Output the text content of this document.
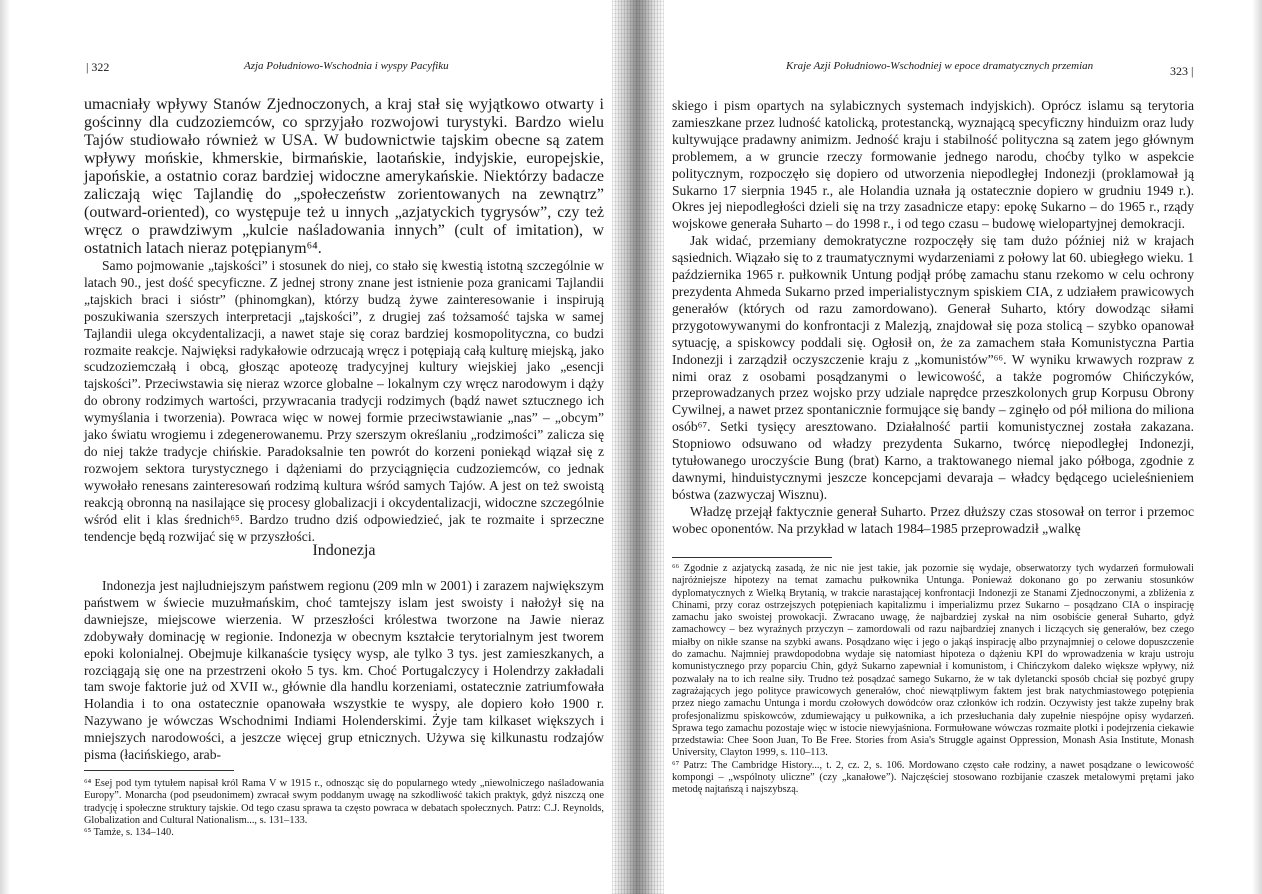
| 322	Azja Południowo-Wschodnia i wyspy Pacyfiku

umacniały wpływy Stanów Zjednoczonych, a kraj stał się wyjątkowo otwarty i gościnny dla cudzoziemców, co sprzyjało rozwojowi turystyki. Bardzo wielu Tajów studiowało również w USA. W budownictwie tajskim obecne są zatem wpływy mońskie, khmerskie, birmańskie, laotańskie, indyjskie, europejskie, japońskie, a ostatnio coraz bardziej widoczne amerykańskie. Niektórzy badacze zaliczają więc Tajlandię do „społeczeństw zorientowanych na zewnątrz” (outward-oriented), co występuje też u innych „azjatyckich tygrysów”, czy też wręcz o prawdziwym „kulcie naśladowania innych” (cult of imitation), w ostatnich latach nieraz potępianym⁶⁴.

Samo pojmowanie „tajskości” i stosunek do niej, co stało się kwestią istotną szczególnie w latach 90., jest dość specyficzne. Z jednej strony znane jest istnienie poza granicami Tajlandii „tajskich braci i sióstr” (phinomgkan), którzy budzą żywe zainteresowanie i inspirują poszukiwania szerszych interpretacji „tajskości”, z drugiej zaś tożsamość tajska w samej Tajlandii ulega okcydentalizacji, a nawet staje się coraz bardziej kosmopolityczna, co budzi rozmaite reakcje. Najwięksi radykałowie odrzucają wręcz i potępiają całą kulturę miejską, jako scudzoziemczałą i obcą, głosząc apoteozę tradycyjnej kultury wiejskiej jako „esencji tajskości”. Przeciwstawia się nieraz wzorce globalne – lokalnym czy wręcz narodowym i dąży do obrony rodzimych wartości, przywracania tradycji rodzimych (bądź nawet sztucznego ich wymyślania i tworzenia). Powraca więc w nowej formie przeciwstawianie „nas” – „obcym” jako światu wrogiemu i zdegenerowanemu. Przy szerszym określaniu „rodzimości” zalicza się do niej także tradycje chińskie. Paradoksalnie ten powrót do korzeni poniekąd wiązał się z rozwojem sektora turystycznego i dążeniami do przyciągnięcia cudzoziemców, co jednak wywołało renesans zainteresowań rodzimą kultura wśród samych Tajów. A jest on też swoistą reakcją obronną na nasilające się procesy globalizacji i okcydentalizacji, widoczne szczególnie wśród elit i klas średnich⁶⁵. Bardzo trudno dziś odpowiedzieć, jak te rozmaite i sprzeczne tendencje będą rozwijać się w przyszłości.

Indonezja

Indonezja jest najludniejszym państwem regionu (209 mln w 2001) i zarazem największym państwem w świecie muzułmańskim, choć tamtejszy islam jest swoisty i nałożył się na dawniejsze, miejscowe wierzenia. W przeszłości królestwa tworzone na Jawie nieraz zdobywały dominację w regionie. Indonezja w obecnym kształcie terytorialnym jest tworem epoki kolonialnej. Obejmuje kilkanaście tysięcy wysp, ale tylko 3 tys. jest zamieszkanych, a rozciągają się one na przestrzeni około 5 tys. km. Choć Portugalczycy i Holendrzy zakładali tam swoje faktorie już od XVII w., głównie dla handlu korzeniami, ostatecznie zatriumfowała Holandia i to ona ostatecznie opanowała wszystkie te wyspy, ale dopiero koło 1900 r. Nazywano je wówczas Wschodnimi Indiami Holenderskimi. Żyje tam kilkaset większych i mniejszych narodowości, a jeszcze więcej grup etnicznych. Używa się kilkunastu rodzajów pisma (łacińskiego, arab-

⁶⁴ Esej pod tym tytułem napisał król Rama V w 1915 r., odnosząc się do popularnego wtedy „niewolniczego naśladowania Europy”. Monarcha (pod pseudonimem) zwracał swym poddanym uwagę na szkodliwość takich praktyk, gdyż niszczą one tradycję i społeczne struktury tajskie. Od tego czasu sprawa ta często powraca w debatach społecznych. Patrz: C.J. Reynolds, Globalization and Cultural Nationalism..., s. 131–133.

⁶⁵ Tamże, s. 134–140.

Kraje Azji Południowo-Wschodniej w epoce dramatycznych przemian	323 |

skiego i pism opartych na sylabicznych systemach indyjskich). Oprócz islamu są terytoria zamieszkane przez ludność katolicką, protestancką, wyznającą specyficzny hinduizm oraz ludy kultywujące pradawny animizm. Jedność kraju i stabilność polityczna są zatem jego głównym problemem, a w gruncie rzeczy formowanie jednego narodu, choćby tylko w aspekcie politycznym, rozpoczęło się dopiero od utworzenia niepodległej Indonezji (proklamował ją Sukarno 17 sierpnia 1945 r., ale Holandia uznała ją ostatecznie dopiero w grudniu 1949 r.). Okres jej niepodległości dzieli się na trzy zasadnicze etapy: epokę Sukarno – do 1965 r., rządy wojskowe generała Suharto – do 1998 r., i od tego czasu – budowę wielopartyjnej demokracji.

Jak widać, przemiany demokratyczne rozpoczęły się tam dużo później niż w krajach sąsiednich. Wiązało się to z traumatycznymi wydarzeniami z połowy lat 60. ubiegłego wieku. 1 października 1965 r. pułkownik Untung podjął próbę zamachu stanu rzekomo w celu ochrony prezydenta Ahmeda Sukarno przed imperialistycznym spiskiem CIA, z udziałem prawicowych generałów (których od razu zamordowano). Generał Suharto, który dowodząc siłami przygotowywanymi do konfrontacji z Malezją, znajdował się poza stolicą – szybko opanował sytuację, a spiskowcy poddali się. Ogłosił on, że za zamachem stała Komunistyczna Partia Indonezji i zarządził oczyszczenie kraju z „komunistów”⁶⁶. W wyniku krwawych rozpraw z nimi oraz z osobami posądzanymi o lewicowość, a także pogromów Chińczyków, przeprowadzanych przez wojsko przy udziale naprędce przeszkolonych grup Korpusu Obrony Cywilnej, a nawet przez spontanicznie formujące się bandy – zginęło od pół miliona do miliona osób⁶⁷. Setki tysięcy aresztowano. Działalność partii komunistycznej została zakazana. Stopniowo odsuwano od władzy prezydenta Sukarno, twórcę niepodległej Indonezji, tytułowanego uroczyście Bung (brat) Karno, a traktowanego niemal jako półboga, zgodnie z dawnymi, hinduistycznymi jeszcze koncepcjami devaraja – władcy będącego ucieleśnieniem bóstwa (zazwyczaj Wisznu).

Władzę przejął faktycznie generał Suharto. Przez dłuższy czas stosował on terror i przemoc wobec oponentów. Na przykład w latach 1984–1985 przeprowadził „walkę

⁶⁶ Zgodnie z azjatycką zasadą, że nic nie jest takie, jak pozornie się wydaje, obserwatorzy tych wydarzeń formułowali najróżniejsze hipotezy na temat zamachu pułkownika Untunga. Ponieważ dokonano go po zerwaniu stosunków dyplomatycznych z Wielką Brytanią, w trakcie narastającej konfrontacji Indonezji ze Stanami Zjednoczonymi, a zbliżenia z Chinami, przy coraz ostrzejszych potępieniach kapitalizmu i imperializmu przez Sukarno – posądzano CIA o inspirację zamachu jako swoistej prowokacji. Zwracano uwagę, że najbardziej zyskał na nim osobiście generał Suharto, gdyż zamachowcy – bez wyraźnych przyczyn – zamordowali od razu najbardziej znanych i liczących się generałów, bez czego miałby on nikłe szanse na szybki awans. Posądzano więc i jego o jakąś inspirację albo przynajmniej o celowe dopuszczenie do zamachu. Najmniej prawdopodobna wydaje się natomiast hipoteza o dążeniu KPI do wprowadzenia w kraju ustroju komunistycznego przy poparciu Chin, gdyż Sukarno zapewniał i komunistom, i Chińczykom daleko większe wpływy, niż pozwalały na to ich realne siły. Trudno też posądzać samego Sukarno, że w tak dyletancki sposób chciał się pozbyć grupy zagrażających jego polityce prawicowych generałów, choć niewątpliwym faktem jest brak natychmiastowego potępienia przez niego zamachu Untunga i mordu czołowych dowódców oraz członków ich rodzin. Oczywisty jest także zupełny brak profesjonalizmu spiskowców, zdumiewający u pułkownika, a ich przesłuchania dały zupełnie niespójne opisy wydarzeń. Sprawa tego zamachu pozostaje więc w istocie niewyjaśniona. Formułowane wówczas rozmaite plotki i podejrzenia ciekawie przedstawia: Chee Soon Juan, To Be Free. Stories from Asia's Struggle against Oppression, Monash Asia Institute, Monash University, Clayton 1999, s. 110–113.

⁶⁷ Patrz: The Cambridge History..., t. 2, cz. 2, s. 106. Mordowano często całe rodziny, a nawet posądzane o lewicowość kompongi – „wspólnoty uliczne” (czy „kanałowe”). Najczęściej stosowano rozbijanie czaszek metalowymi prętami jako metodę najtańszą i najszybszą.
